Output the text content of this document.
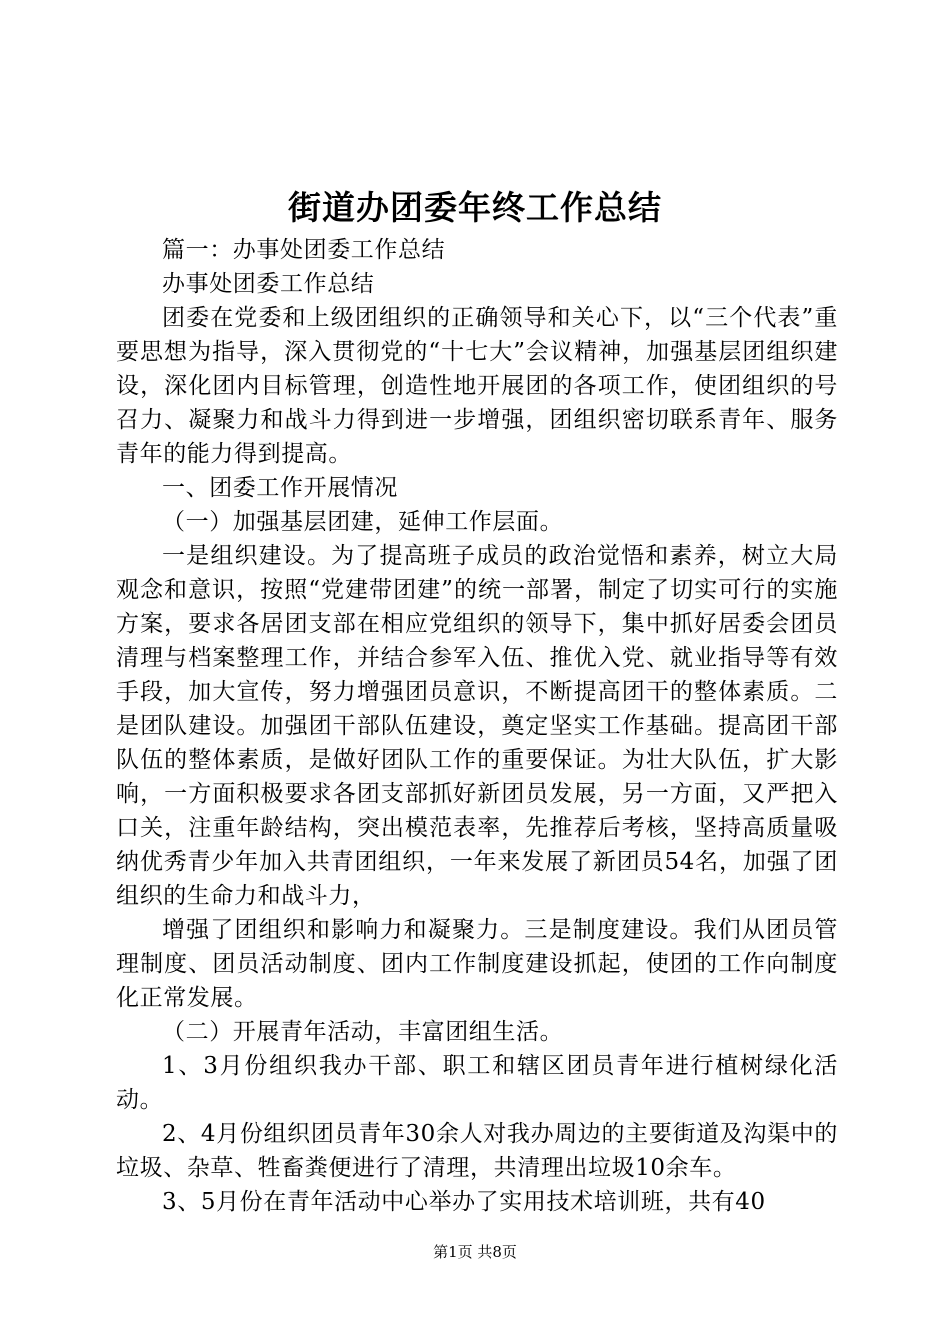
街道办团委年终工作总结

篇一：办事处团委工作总结

办事处团委工作总结

团委在党委和上级团组织的正确领导和关心下，以“三个代表”重要思想为指导，深入贯彻党的“十七大”会议精神，加强基层团组织建设，深化团内目标管理，创造性地开展团的各项工作，使团组织的号召力、凝聚力和战斗力得到进一步增强，团组织密切联系青年、服务青年的能力得到提高。

一、团委工作开展情况

（一）加强基层团建，延伸工作层面。

一是组织建设。为了提高班子成员的政治觉悟和素养，树立大局观念和意识，按照“党建带团建”的统一部署，制定了切实可行的实施方案，要求各居团支部在相应党组织的领导下，集中抓好居委会团员清理与档案整理工作，并结合参军入伍、推优入党、就业指导等有效手段，加大宣传，努力增强团员意识，不断提高团干的整体素质。二是团队建设。加强团干部队伍建设，奠定坚实工作基础。提高团干部队伍的整体素质，是做好团队工作的重要保证。为壮大队伍，扩大影响，一方面积极要求各团支部抓好新团员发展，另一方面，又严把入口关，注重年龄结构，突出模范表率，先推荐后考核，坚持高质量吸纳优秀青少年加入共青团组织，一年来发展了新团员54名，加强了团组织的生命力和战斗力，

增强了团组织和影响力和凝聚力。三是制度建设。我们从团员管理制度、团员活动制度、团内工作制度建设抓起，使团的工作向制度化正常发展。

（二）开展青年活动，丰富团组生活。

1、3月份组织我办干部、职工和辖区团员青年进行植树绿化活动。

2、4月份组织团员青年30余人对我办周边的主要街道及沟渠中的垃圾、杂草、牲畜粪便进行了清理，共清理出垃圾10余车。

3、5月份在青年活动中心举办了实用技术培训班，共有40

第1页 共8页
